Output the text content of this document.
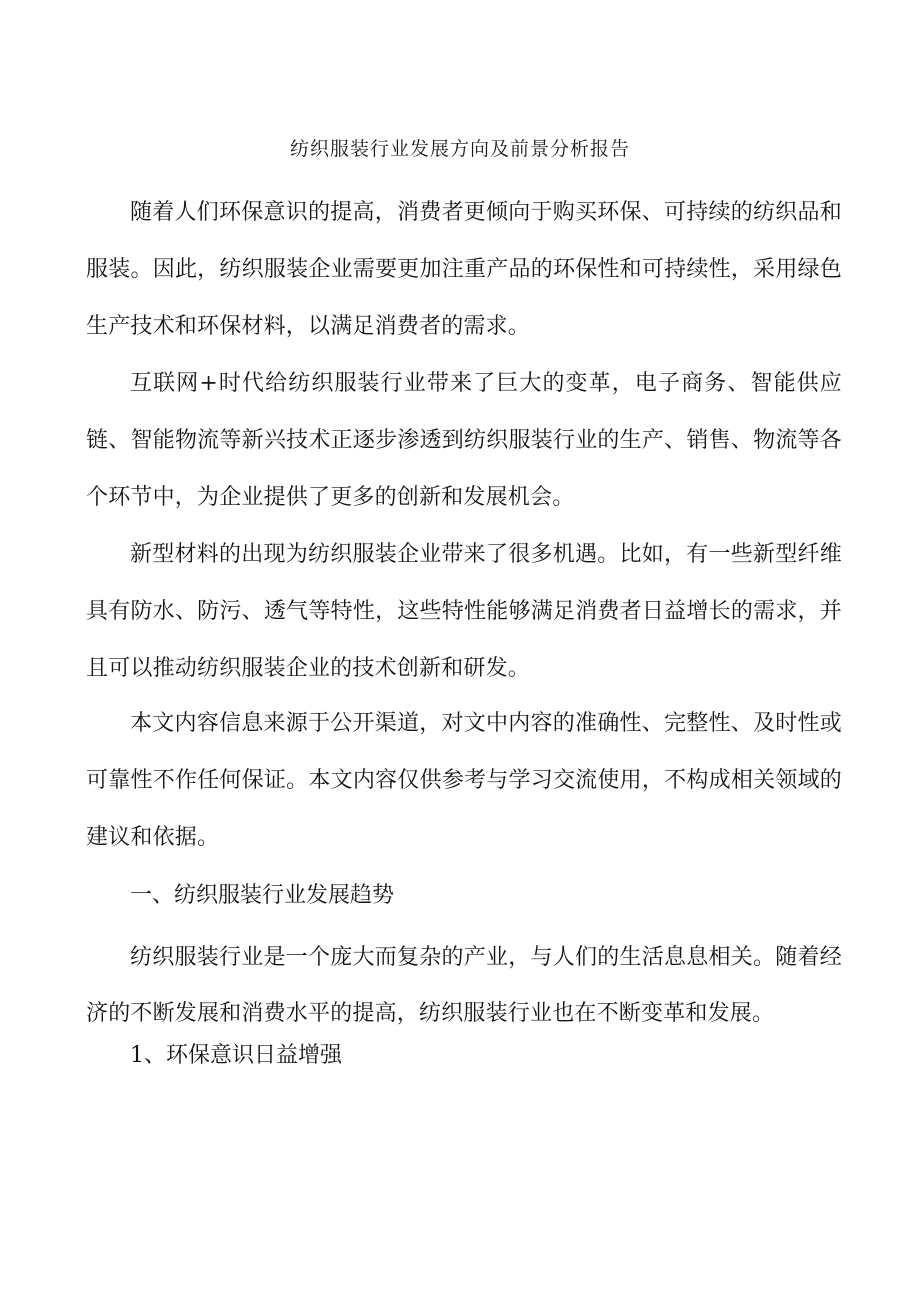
纺织服装行业发展方向及前景分析报告

随着人们环保意识的提高，消费者更倾向于购买环保、可持续的纺织品和服装。因此，纺织服装企业需要更加注重产品的环保性和可持续性，采用绿色生产技术和环保材料，以满足消费者的需求。

互联网+时代给纺织服装行业带来了巨大的变革，电子商务、智能供应链、智能物流等新兴技术正逐步渗透到纺织服装行业的生产、销售、物流等各个环节中，为企业提供了更多的创新和发展机会。

新型材料的出现为纺织服装企业带来了很多机遇。比如，有一些新型纤维具有防水、防污、透气等特性，这些特性能够满足消费者日益增长的需求，并且可以推动纺织服装企业的技术创新和研发。

本文内容信息来源于公开渠道，对文中内容的准确性、完整性、及时性或可靠性不作任何保证。本文内容仅供参考与学习交流使用，不构成相关领域的建议和依据。

一、纺织服装行业发展趋势

纺织服装行业是一个庞大而复杂的产业，与人们的生活息息相关。随着经济的不断发展和消费水平的提高，纺织服装行业也在不断变革和发展。

1、环保意识日益增强
